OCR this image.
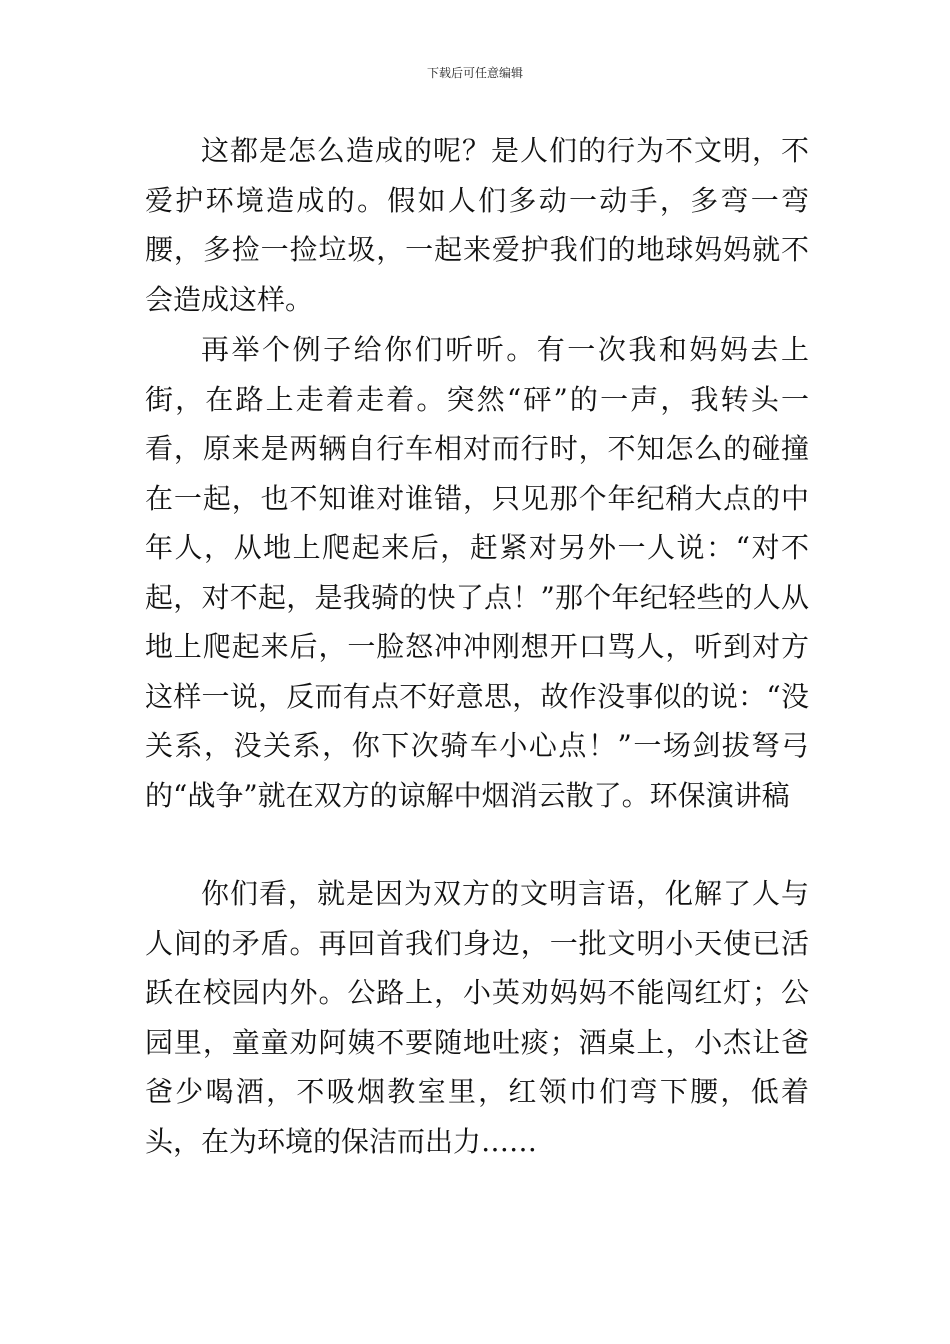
下载后可任意编辑

这都是怎么造成的呢？是人们的行为不文明，不爱护环境造成的。假如人们多动一动手，多弯一弯腰，多捡一捡垃圾，一起来爱护我们的地球妈妈就不会造成这样。

再举个例子给你们听听。有一次我和妈妈去上街，在路上走着走着。突然“砰”的一声，我转头一看，原来是两辆自行车相对而行时，不知怎么的碰撞在一起，也不知谁对谁错，只见那个年纪稍大点的中年人，从地上爬起来后，赶紧对另外一人说：“对不起，对不起，是我骑的快了点！”那个年纪轻些的人从地上爬起来后，一脸怒冲冲刚想开口骂人，听到对方这样一说，反而有点不好意思，故作没事似的说：“没关系，没关系，你下次骑车小心点！”一场剑拔弩弓的“战争”就在双方的谅解中烟消云散了。环保演讲稿

你们看，就是因为双方的文明言语，化解了人与人间的矛盾。再回首我们身边，一批文明小天使已活跃在校园内外。公路上，小英劝妈妈不能闯红灯；公园里，童童劝阿姨不要随地吐痰；酒桌上，小杰让爸爸少喝酒，不吸烟教室里，红领巾们弯下腰，低着头，在为环境的保洁而出力……
